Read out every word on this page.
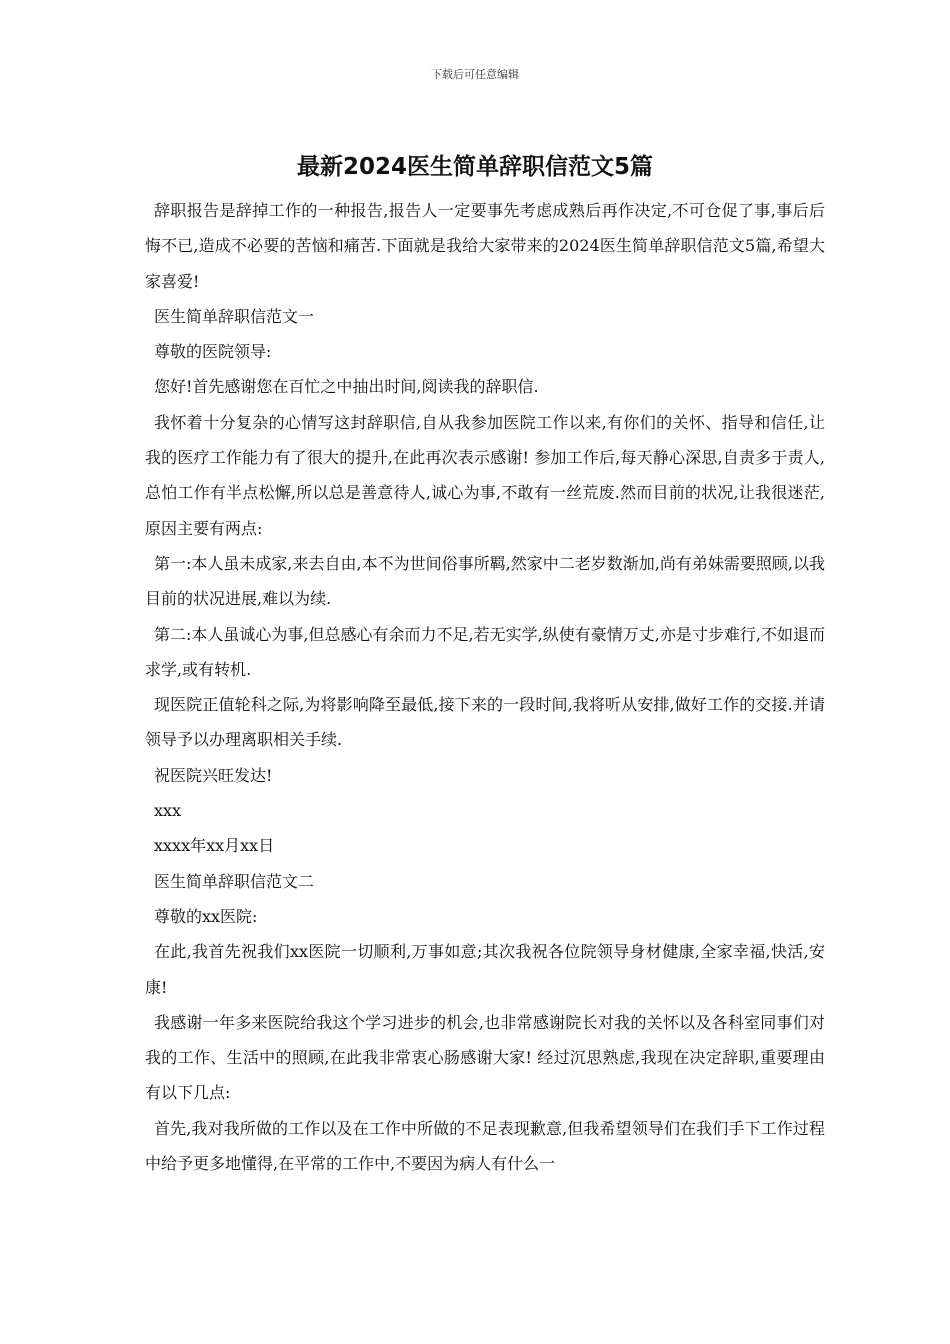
下载后可任意编辑
最新2024医生简单辞职信范文5篇

辞职报告是辞掉工作的一种报告,报告人一定要事先考虑成熟后再作决定,不可仓促了事,事后后悔不已,造成不必要的苦恼和痛苦.下面就是我给大家带来的2024医生简单辞职信范文5篇,希望大家喜爱!

医生简单辞职信范文一

尊敬的医院领导:

您好!首先感谢您在百忙之中抽出时间,阅读我的辞职信.

我怀着十分复杂的心情写这封辞职信,自从我参加医院工作以来,有你们的关怀、指导和信任,让我的医疗工作能力有了很大的提升,在此再次表示感谢! 参加工作后,每天静心深思,自责多于责人,总怕工作有半点松懈,所以总是善意待人,诚心为事,不敢有一丝荒废.然而目前的状况,让我很迷茫,原因主要有两点:

第一:本人虽未成家,来去自由,本不为世间俗事所羁,然家中二老岁数渐加,尚有弟妹需要照顾,以我目前的状况进展,难以为续.

第二:本人虽诚心为事,但总感心有余而力不足,若无实学,纵使有豪情万丈,亦是寸步难行,不如退而求学,或有转机.

现医院正值轮科之际,为将影响降至最低,接下来的一段时间,我将听从安排,做好工作的交接.并请领导予以办理离职相关手续.

祝医院兴旺发达!

xxx

xxxx年xx月xx日

医生简单辞职信范文二

尊敬的xx医院:

在此,我首先祝我们xx医院一切顺利,万事如意;其次我祝各位院领导身材健康,全家幸福,快活,安康!

我感谢一年多来医院给我这个学习进步的机会,也非常感谢院长对我的关怀以及各科室同事们对我的工作、生活中的照顾,在此我非常衷心肠感谢大家! 经过沉思熟虑,我现在决定辞职,重要理由有以下几点:

首先,我对我所做的工作以及在工作中所做的不足表现歉意,但我希望领导们在我们手下工作过程中给予更多地懂得,在平常的工作中,不要因为病人有什么一
